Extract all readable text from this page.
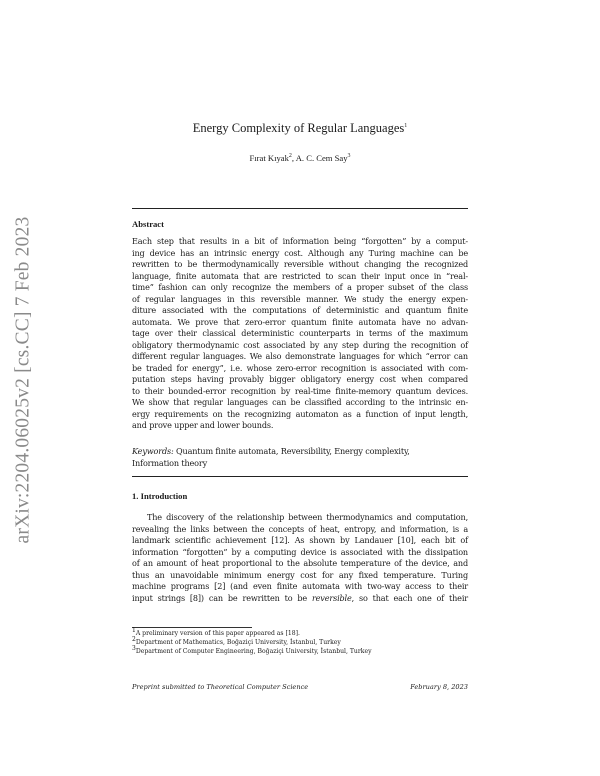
arXiv:2204.06025v2 [cs.CC] 7 Feb 2023
Energy Complexity of Regular Languages$^1$
Fırat Kıyak$^2$, A. C. Cem Say$^3$
Abstract
Each step that results in a bit of information being “forgotten” by a comput-
ing device has an intrinsic energy cost. Although any Turing machine can be
rewritten to be thermodynamically reversible without changing the recognized
language, finite automata that are restricted to scan their input once in “real-
time” fashion can only recognize the members of a proper subset of the class
of regular languages in this reversible manner. We study the energy expen-
diture associated with the computations of deterministic and quantum finite
automata. We prove that zero-error quantum finite automata have no advan-
tage over their classical deterministic counterparts in terms of the maximum
obligatory thermodynamic cost associated by any step during the recognition of
different regular languages. We also demonstrate languages for which “error can
be traded for energy”, i.e. whose zero-error recognition is associated with com-
putation steps having provably bigger obligatory energy cost when compared
to their bounded-error recognition by real-time finite-memory quantum devices.
We show that regular languages can be classified according to the intrinsic en-
ergy requirements on the recognizing automaton as a function of input length,
and prove upper and lower bounds.
Keywords: Quantum finite automata, Reversibility, Energy complexity,
Information theory
1. Introduction
The discovery of the relationship between thermodynamics and computation,
revealing the links between the concepts of heat, entropy, and information, is a
landmark scientific achievement [12]. As shown by Landauer [10], each bit of
information “forgotten” by a computing device is associated with the dissipation
of an amount of heat proportional to the absolute temperature of the device, and
thus an unavoidable minimum energy cost for any fixed temperature. Turing
machine programs [2] (and even finite automata with two-way access to their
input strings [8]) can be rewritten to be reversible, so that each one of their
$^1$A preliminary version of this paper appeared as [18].
$^2$Department of Mathematics, Boğaziçi University, İstanbul, Turkey
$^3$Department of Computer Engineering, Boğaziçi University, İstanbul, Turkey
Preprint submitted to Theoretical Computer Science	February 8, 2023
